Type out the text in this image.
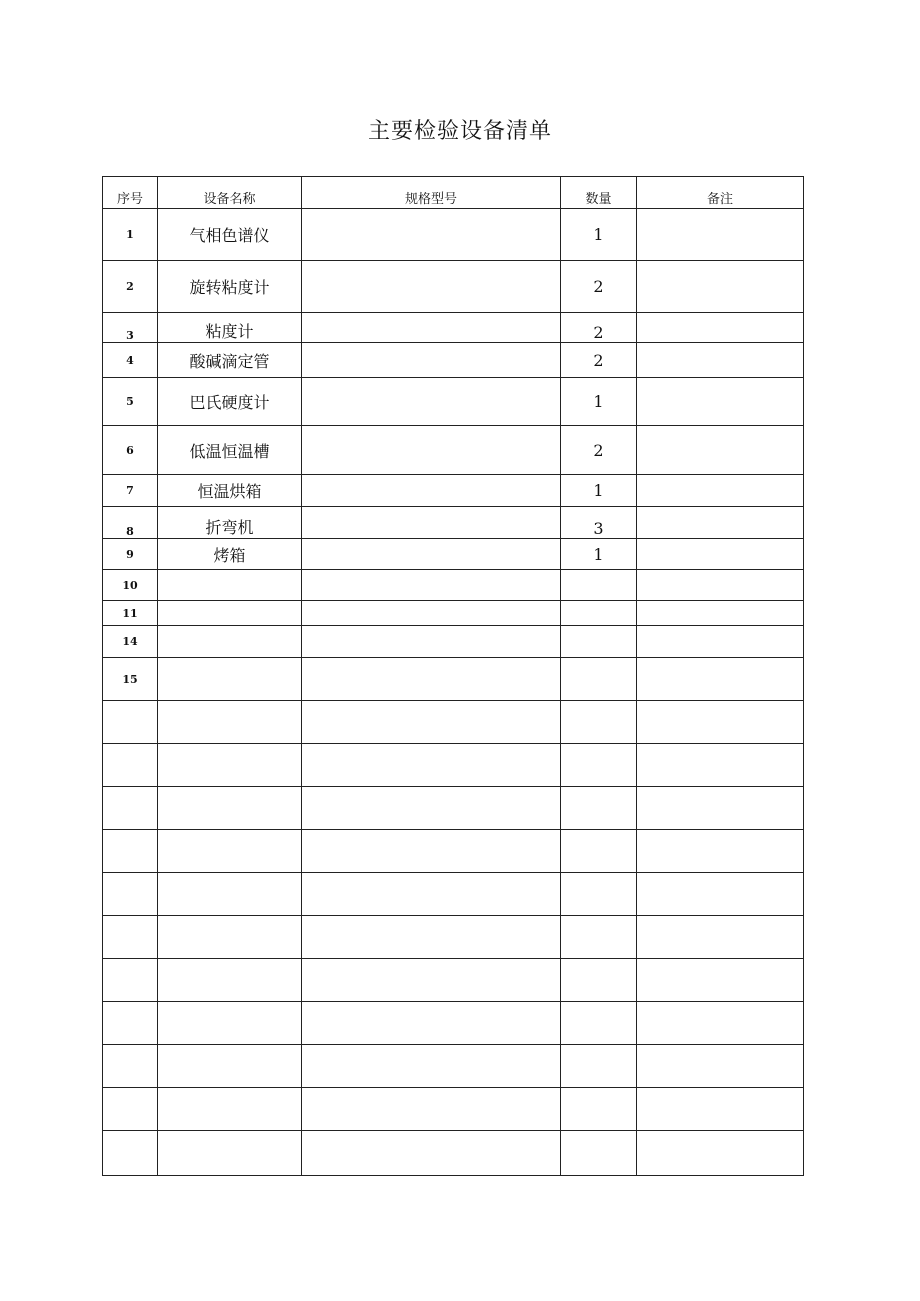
主要检验设备清单
序号	设备名称	规格型号	数量	备注
1	气相色谱仪		1	
2	旋转粘度计		2	
3	粘度计		2	
4	酸碱滴定管		2	
5	巴氏硬度计		1	
6	低温恒温槽		2	
7	恒温烘箱		1	
8	折弯机		3	
9	烤箱		1	
10				
11				
14				
15				
